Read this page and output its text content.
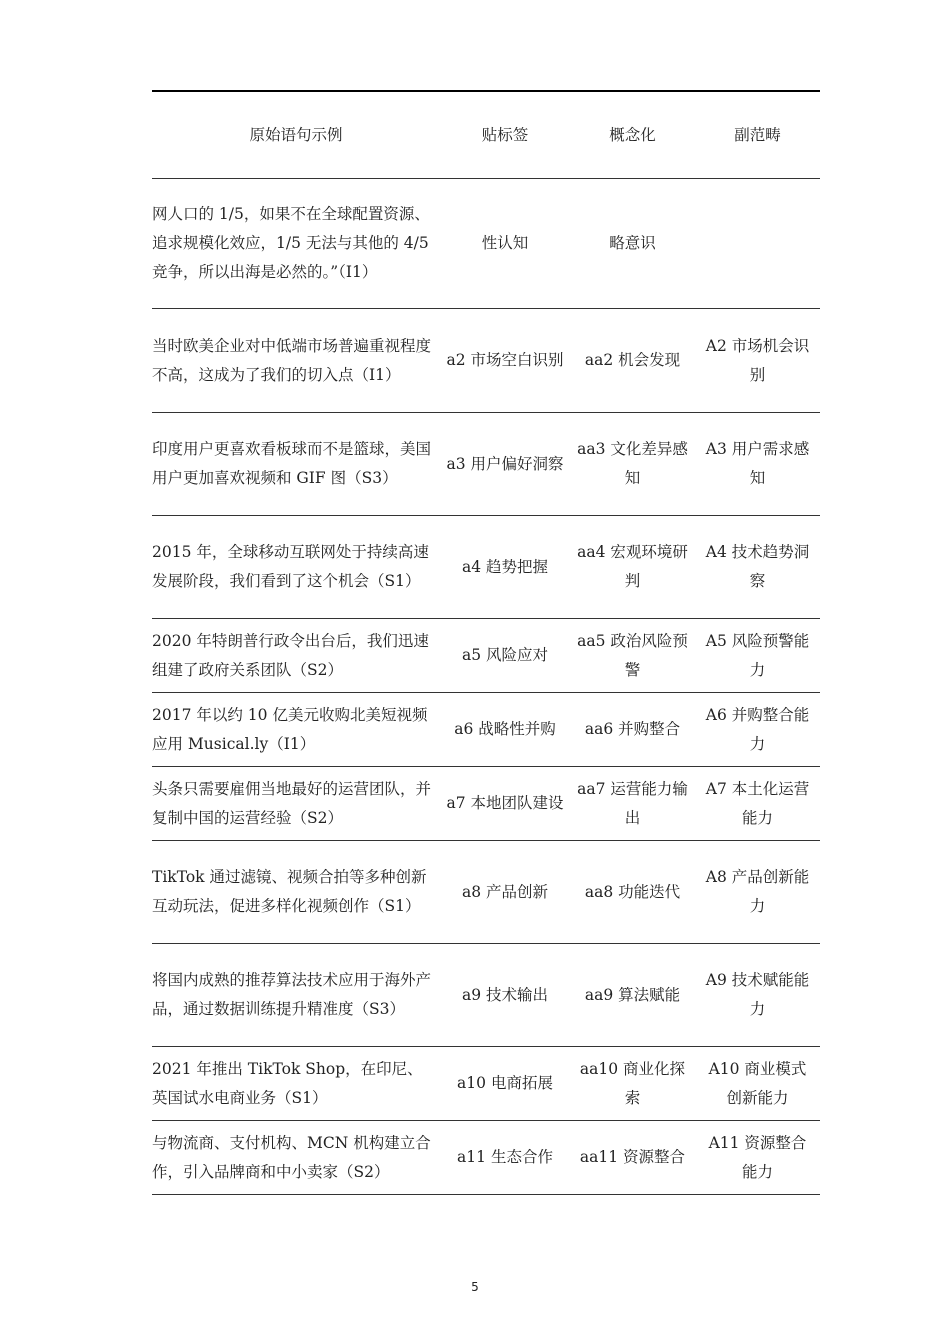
原始语句示例	贴标签	概念化	副范畴
网人口的 1/5，如果不在全球配置资源、追求规模化效应，1/5 无法与其他的 4/5 竞争，所以出海是必然的。”（I1）	性认知	略意识	
当时欧美企业对中低端市场普遍重视程度不高，这成为了我们的切入点（I1）	a2 市场空白识别	aa2 机会发现	A2 市场机会识别
印度用户更喜欢看板球而不是篮球，美国用户更加喜欢视频和 GIF 图（S3）	a3 用户偏好洞察	aa3 文化差异感知	A3 用户需求感知
2015 年，全球移动互联网处于持续高速发展阶段，我们看到了这个机会（S1）	a4 趋势把握	aa4 宏观环境研判	A4 技术趋势洞察
2020 年特朗普行政令出台后，我们迅速组建了政府关系团队（S2）	a5 风险应对	aa5 政治风险预警	A5 风险预警能力
2017 年以约 10 亿美元收购北美短视频应用 Musical.ly（I1）	a6 战略性并购	aa6 并购整合	A6 并购整合能力
头条只需要雇佣当地最好的运营团队，并复制中国的运营经验（S2）	a7 本地团队建设	aa7 运营能力输出	A7 本土化运营能力
TikTok 通过滤镜、视频合拍等多种创新互动玩法，促进多样化视频创作（S1）	a8 产品创新	aa8 功能迭代	A8 产品创新能力
将国内成熟的推荐算法技术应用于海外产品，通过数据训练提升精准度（S3）	a9 技术输出	aa9 算法赋能	A9 技术赋能能力
2021 年推出 TikTok Shop，在印尼、英国试水电商业务（S1）	a10 电商拓展	aa10 商业化探索	A10 商业模式创新能力
与物流商、支付机构、MCN 机构建立合作，引入品牌商和中小卖家（S2）	a11 生态合作	aa11 资源整合	A11 资源整合能力
5
